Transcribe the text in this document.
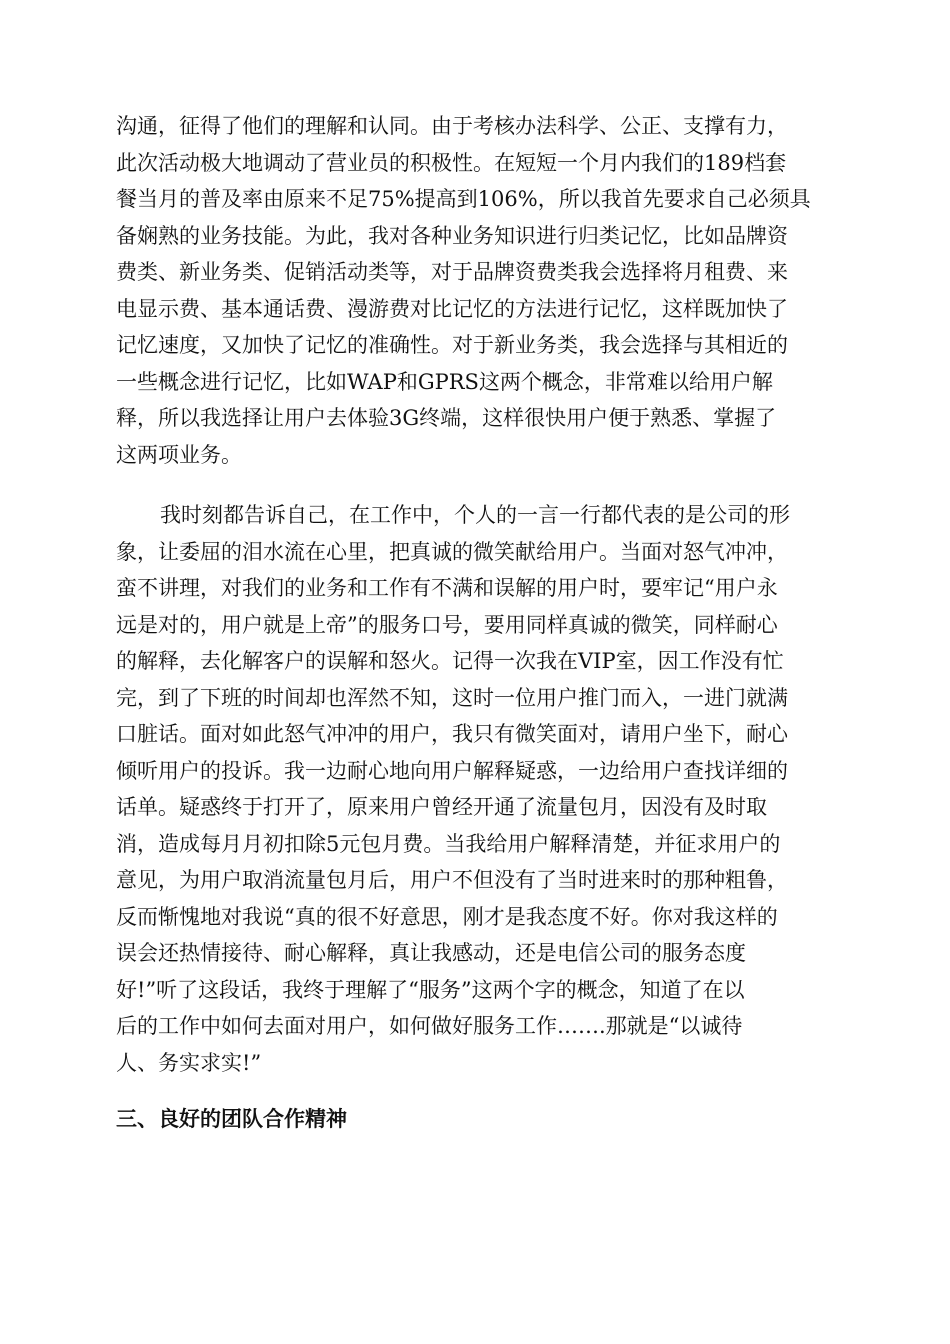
沟通，征得了他们的理解和认同。由于考核办法科学、公正、支撑有力，
此次活动极大地调动了营业员的积极性。在短短一个月内我们的189档套
餐当月的普及率由原来不足75%提高到106%，所以我首先要求自己必须具
备娴熟的业务技能。为此，我对各种业务知识进行归类记忆，比如品牌资
费类、新业务类、促销活动类等，对于品牌资费类我会选择将月租费、来
电显示费、基本通话费、漫游费对比记忆的方法进行记忆，这样既加快了
记忆速度，又加快了记忆的准确性。对于新业务类，我会选择与其相近的
一些概念进行记忆，比如WAP和GPRS这两个概念，非常难以给用户解
释，所以我选择让用户去体验3G终端，这样很快用户便于熟悉、掌握了
这两项业务。

我时刻都告诉自己，在工作中，个人的一言一行都代表的是公司的形
象，让委屈的泪水流在心里，把真诚的微笑献给用户。当面对怒气冲冲，
蛮不讲理，对我们的业务和工作有不满和误解的用户时，要牢记“用户永
远是对的，用户就是上帝”的服务口号，要用同样真诚的微笑，同样耐心
的解释，去化解客户的误解和怒火。记得一次我在VIP室，因工作没有忙
完，到了下班的时间却也浑然不知，这时一位用户推门而入，一进门就满
口脏话。面对如此怒气冲冲的用户，我只有微笑面对，请用户坐下，耐心
倾听用户的投诉。我一边耐心地向用户解释疑惑，一边给用户查找详细的
话单。疑惑终于打开了，原来用户曾经开通了流量包月，因没有及时取
消，造成每月月初扣除5元包月费。当我给用户解释清楚，并征求用户的
意见，为用户取消流量包月后，用户不但没有了当时进来时的那种粗鲁，
反而惭愧地对我说“真的很不好意思，刚才是我态度不好。你对我这样的
误会还热情接待、耐心解释，真让我感动，还是电信公司的服务态度
好!”听了这段话，我终于理解了“服务”这两个字的概念，知道了在以
后的工作中如何去面对用户，如何做好服务工作…….那就是“以诚待
人、务实求实!”

三、良好的团队合作精神
